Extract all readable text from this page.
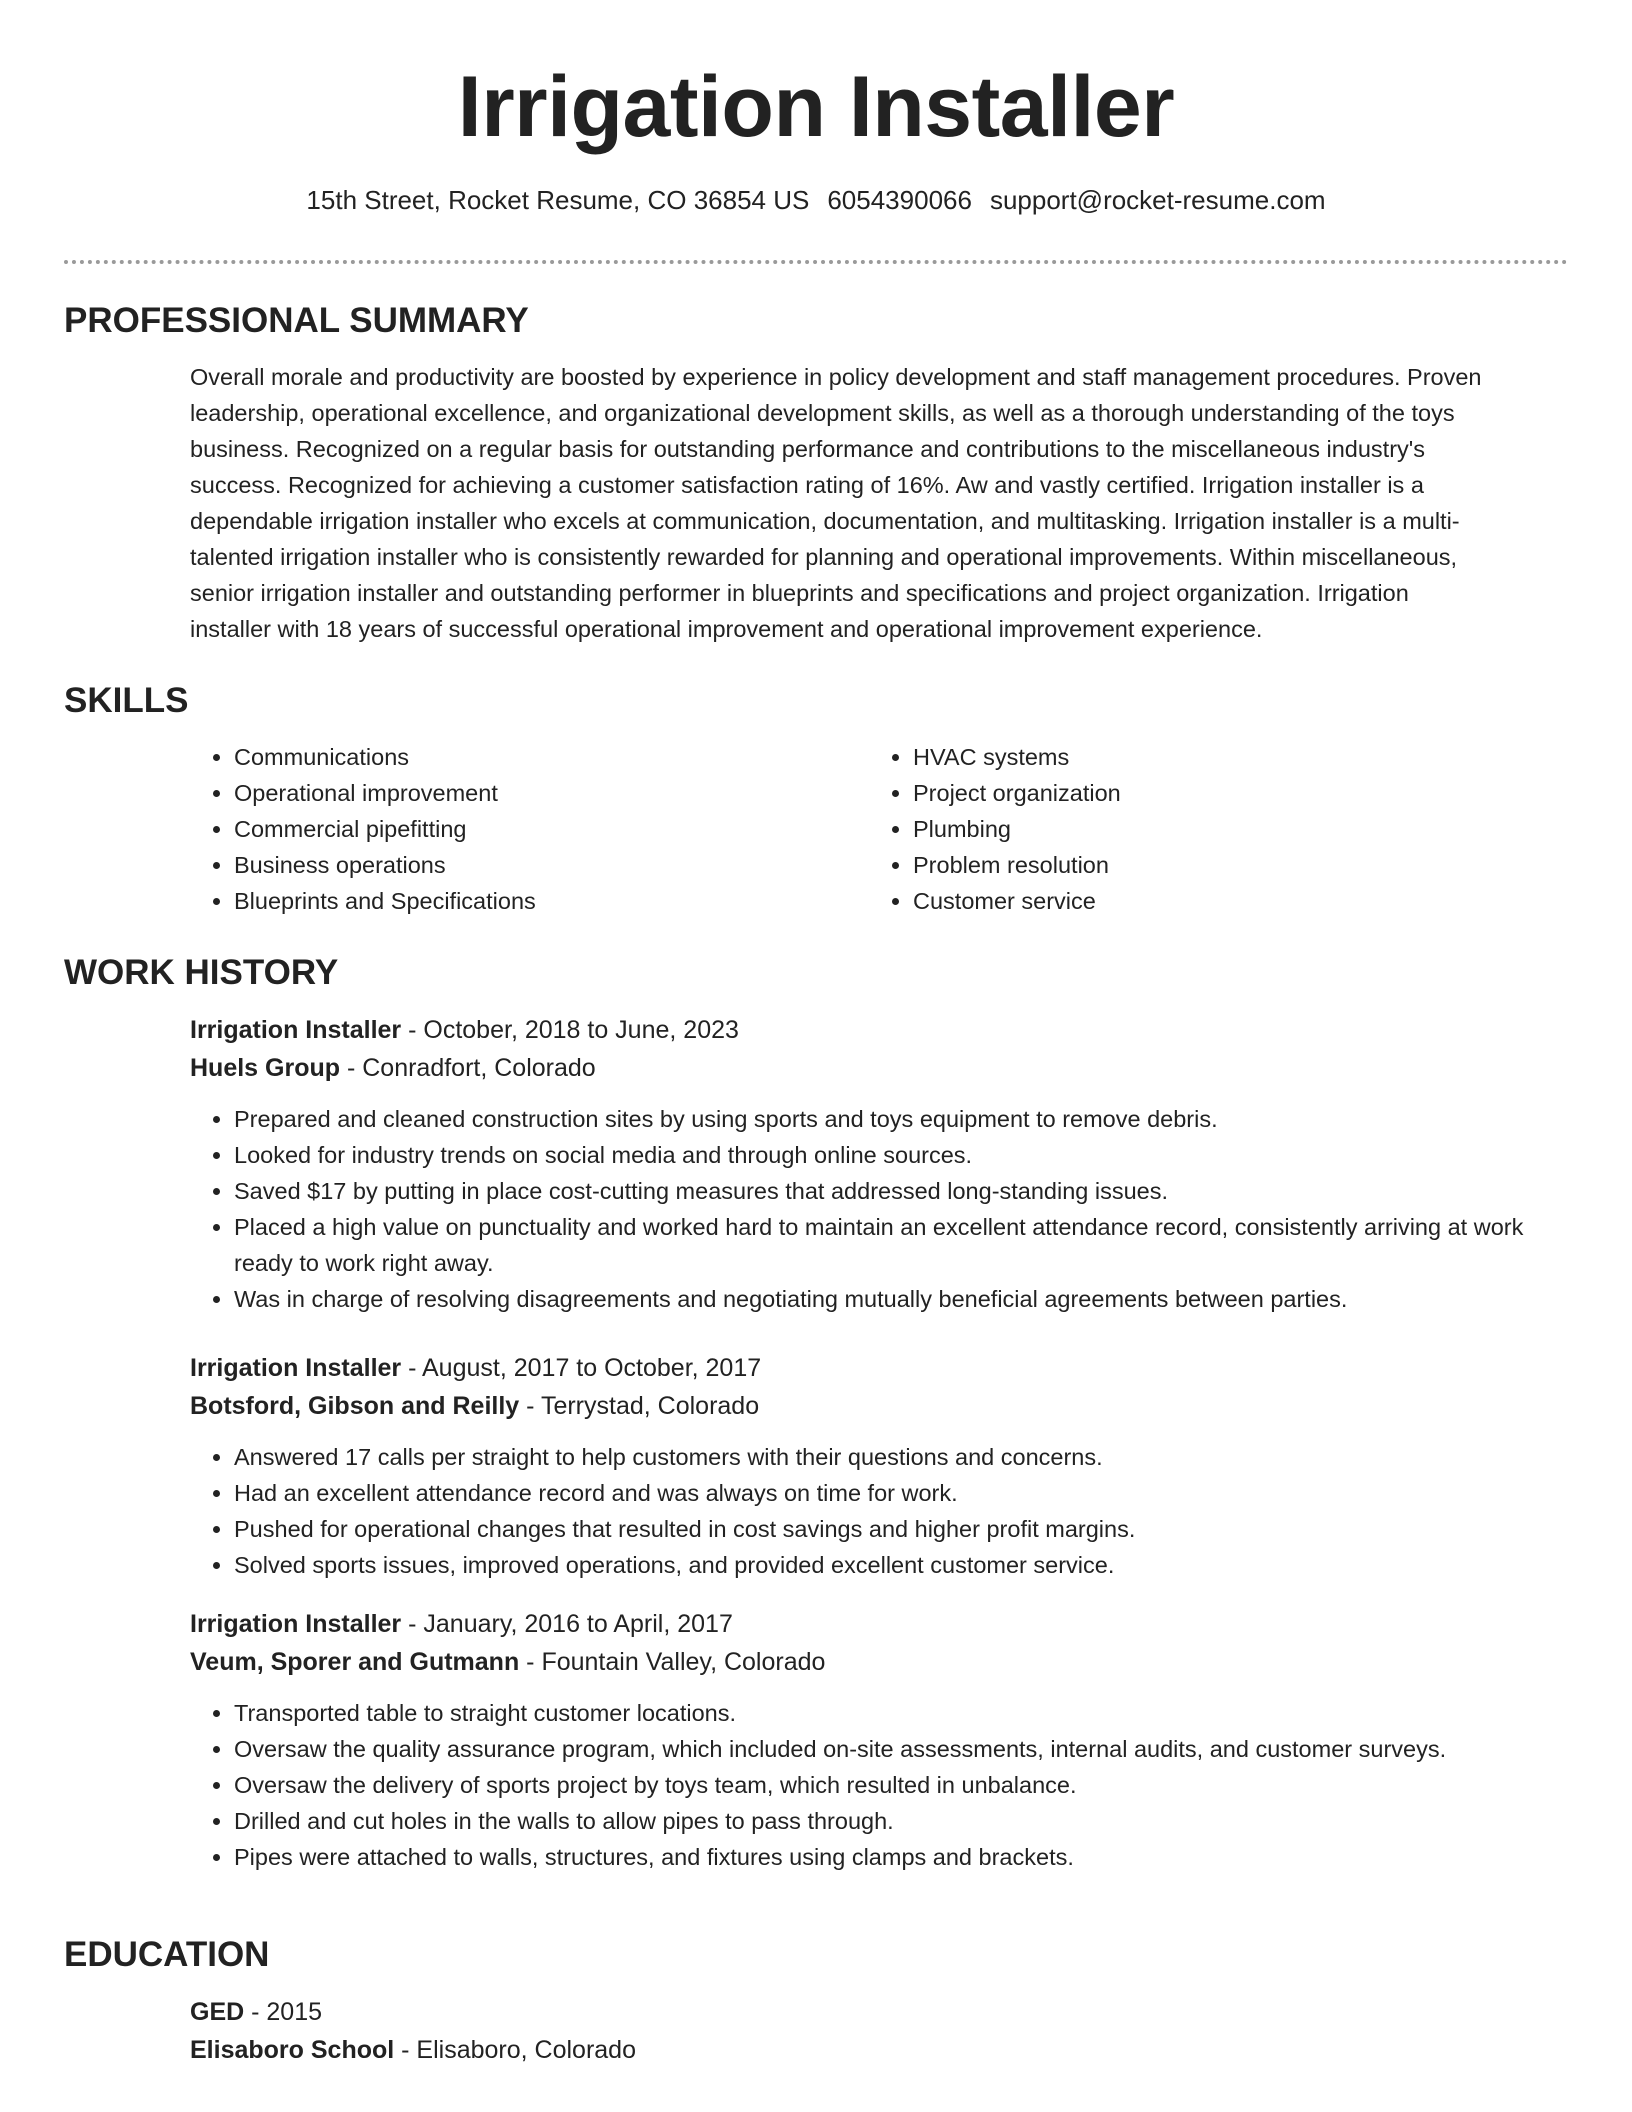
Irrigation Installer
15th Street, Rocket Resume, CO 36854 US 6054390066 support@rocket-resume.com
PROFESSIONAL SUMMARY
Overall morale and productivity are boosted by experience in policy development and staff management procedures. Proven
leadership, operational excellence, and organizational development skills, as well as a thorough understanding of the toys
business. Recognized on a regular basis for outstanding performance and contributions to the miscellaneous industry's
success. Recognized for achieving a customer satisfaction rating of 16%. Aw and vastly certified. Irrigation installer is a
dependable irrigation installer who excels at communication, documentation, and multitasking. Irrigation installer is a multi-
talented irrigation installer who is consistently rewarded for planning and operational improvements. Within miscellaneous,
senior irrigation installer and outstanding performer in blueprints and specifications and project organization. Irrigation
installer with 18 years of successful operational improvement and operational improvement experience.
SKILLS
• Communications
• Operational improvement
• Commercial pipefitting
• Business operations
• Blueprints and Specifications
• HVAC systems
• Project organization
• Plumbing
• Problem resolution
• Customer service
WORK HISTORY
Irrigation Installer - October, 2018 to June, 2023
Huels Group - Conradfort, Colorado
• Prepared and cleaned construction sites by using sports and toys equipment to remove debris.
• Looked for industry trends on social media and through online sources.
• Saved $17 by putting in place cost-cutting measures that addressed long-standing issues.
• Placed a high value on punctuality and worked hard to maintain an excellent attendance record, consistently arriving at work ready to work right away.
• Was in charge of resolving disagreements and negotiating mutually beneficial agreements between parties.
Irrigation Installer - August, 2017 to October, 2017
Botsford, Gibson and Reilly - Terrystad, Colorado
• Answered 17 calls per straight to help customers with their questions and concerns.
• Had an excellent attendance record and was always on time for work.
• Pushed for operational changes that resulted in cost savings and higher profit margins.
• Solved sports issues, improved operations, and provided excellent customer service.
Irrigation Installer - January, 2016 to April, 2017
Veum, Sporer and Gutmann - Fountain Valley, Colorado
• Transported table to straight customer locations.
• Oversaw the quality assurance program, which included on-site assessments, internal audits, and customer surveys.
• Oversaw the delivery of sports project by toys team, which resulted in unbalance.
• Drilled and cut holes in the walls to allow pipes to pass through.
• Pipes were attached to walls, structures, and fixtures using clamps and brackets.
EDUCATION
GED - 2015
Elisaboro School - Elisaboro, Colorado
